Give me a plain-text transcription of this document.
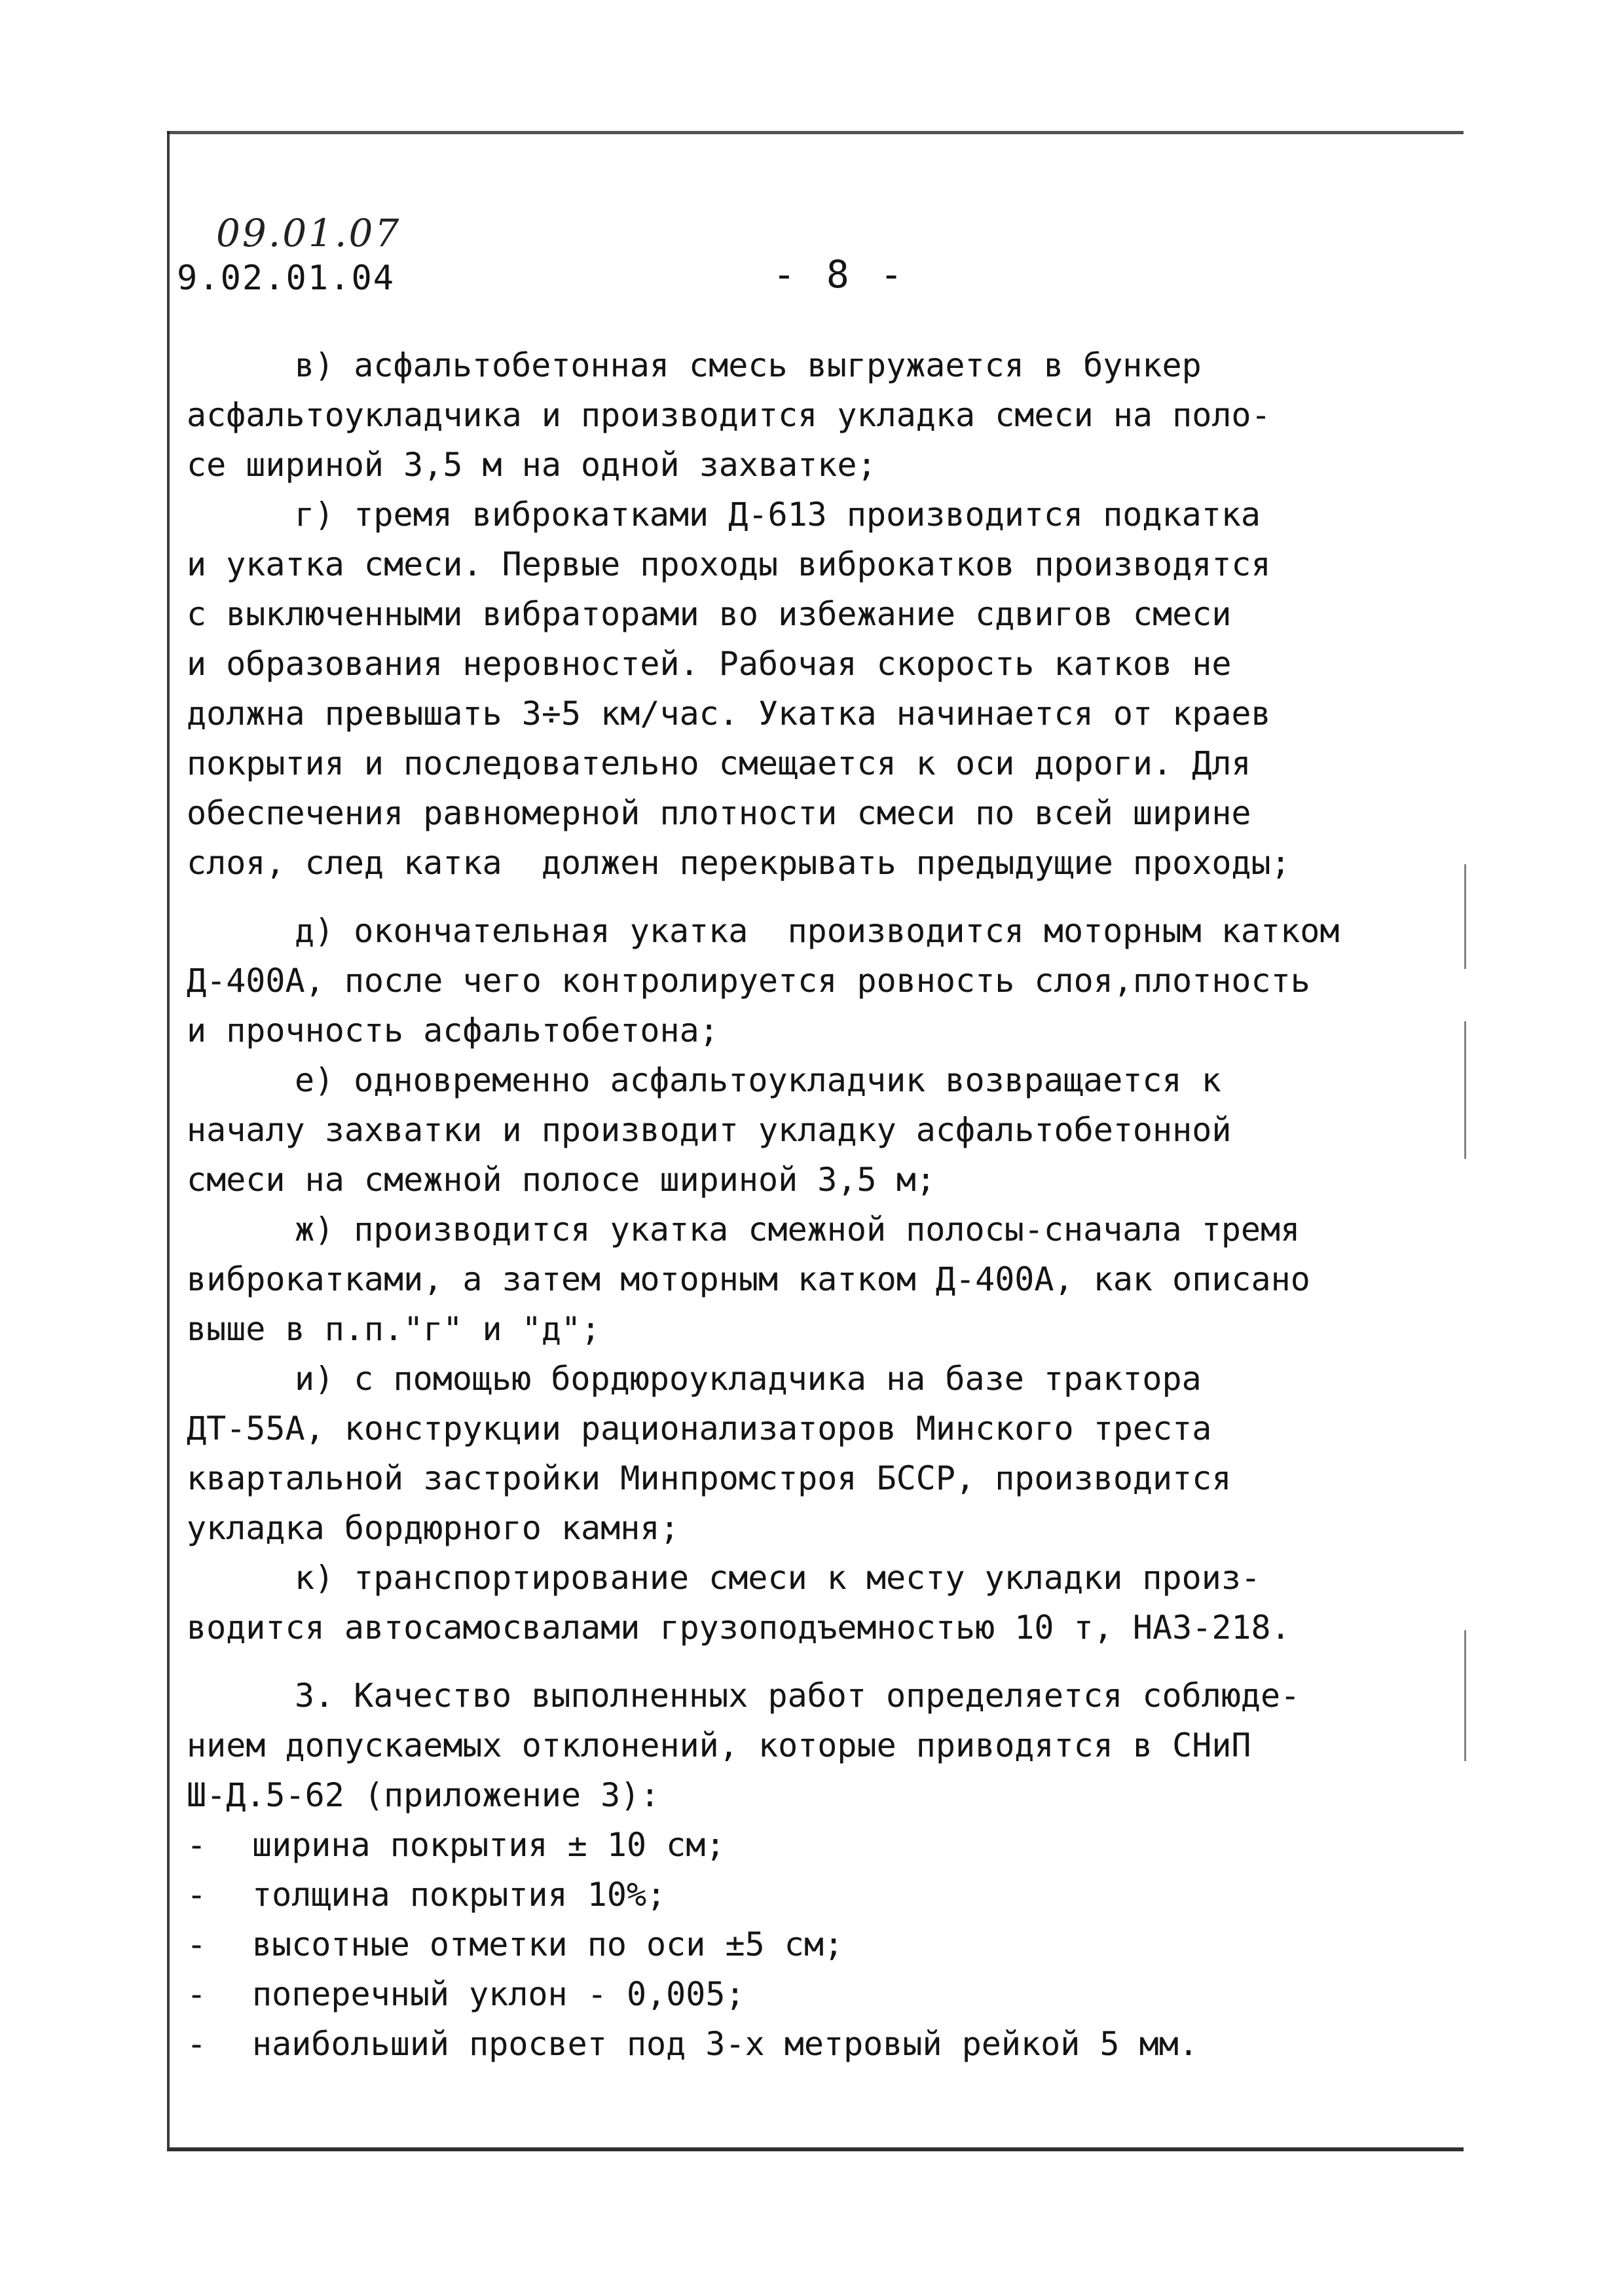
09.01.07
9.02.01.04	- 8 -
в) асфальтобетонная смесь выгружается в бункер
асфальтоукладчика и производится укладка смеси на поло-
се шириной 3,5 м на одной захватке;
г) тремя виброкатками Д-613 производится подкатка
и укатка смеси. Первые проходы виброкатков производятся
с выключенными вибраторами во избежание сдвигов смеси
и образования неровностей. Рабочая скорость катков не
должна превышать 3÷5 км/час. Укатка начинается от краев
покрытия и последовательно смещается к оси дороги. Для
обеспечения равномерной плотности смеси по всей ширине
слоя, след катка  должен перекрывать предыдущие проходы;
д) окончательная укатка  производится моторным катком
Д-400А, после чего контролируется ровность слоя,плотность
и прочность асфальтобетона;
е) одновременно асфальтоукладчик возвращается к
началу захватки и производит укладку асфальтобетонной
смеси на смежной полосе шириной 3,5 м;
ж) производится укатка смежной полосы-сначала тремя
виброкатками, а затем моторным катком Д-400А, как описано
выше в п.п."г" и "д";
и) с помощью бордюроукладчика на базе трактора
ДТ-55А, конструкции рационализаторов Минского треста
квартальной застройки Минпромстроя БССР, производится
укладка бордюрного камня;
к) транспортирование смеси к месту укладки произ-
водится автосамосвалами грузоподъемностью 10 т, НАЗ-218.
3. Качество выполненных работ определяется соблюде-
нием допускаемых отклонений, которые приводятся в СНиП
Ш-Д.5-62 (приложение 3):
- ширина покрытия ± 10 см;
- толщина покрытия 10%;
- высотные отметки по оси ±5 см;
- поперечный уклон - 0,005;
- наибольший просвет под 3-х метровый рейкой 5 мм.
